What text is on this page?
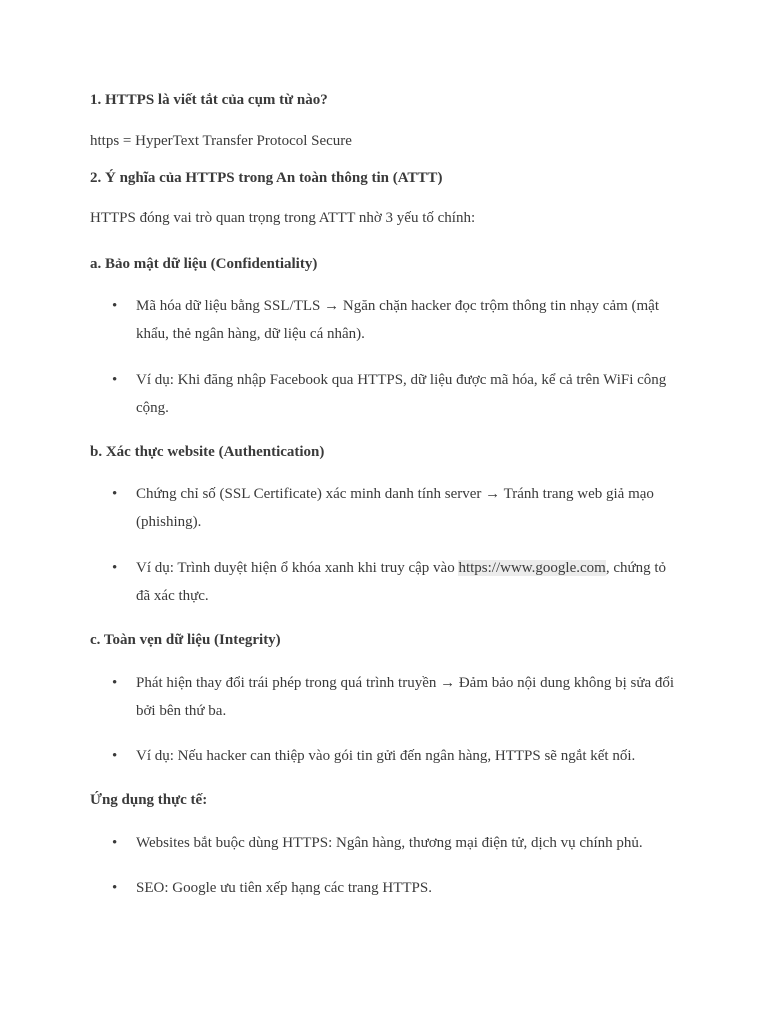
1. HTTPS là viết tắt của cụm từ nào?

https = HyperText Transfer Protocol Secure

2. Ý nghĩa của HTTPS trong An toàn thông tin (ATTT)

HTTPS đóng vai trò quan trọng trong ATTT nhờ 3 yếu tố chính:

a. Bảo mật dữ liệu (Confidentiality)

• Mã hóa dữ liệu bằng SSL/TLS → Ngăn chặn hacker đọc trộm thông tin nhạy cảm (mật
khẩu, thẻ ngân hàng, dữ liệu cá nhân).
• Ví dụ: Khi đăng nhập Facebook qua HTTPS, dữ liệu được mã hóa, kể cả trên WiFi công
cộng.

b. Xác thực website (Authentication)

• Chứng chỉ số (SSL Certificate) xác minh danh tính server → Tránh trang web giả mạo
(phishing).
• Ví dụ: Trình duyệt hiện ổ khóa xanh khi truy cập vào https://www.google.com, chứng tỏ
đã xác thực.

c. Toàn vẹn dữ liệu (Integrity)

• Phát hiện thay đổi trái phép trong quá trình truyền → Đảm bảo nội dung không bị sửa đổi
bởi bên thứ ba.
• Ví dụ: Nếu hacker can thiệp vào gói tin gửi đến ngân hàng, HTTPS sẽ ngắt kết nối.

Ứng dụng thực tế:

• Websites bắt buộc dùng HTTPS: Ngân hàng, thương mại điện tử, dịch vụ chính phủ.
• SEO: Google ưu tiên xếp hạng các trang HTTPS.
